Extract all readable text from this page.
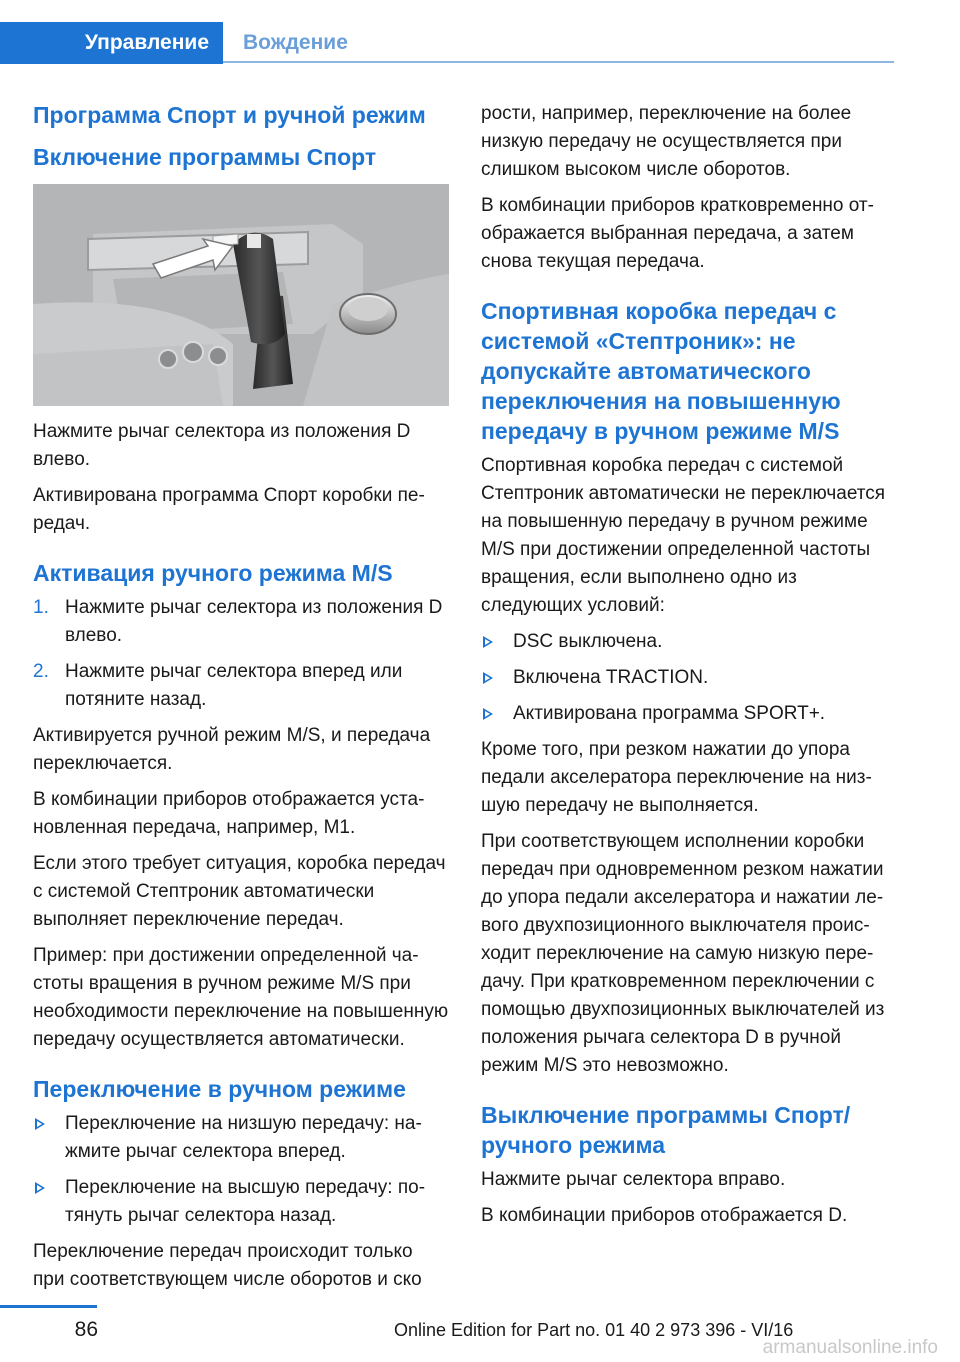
Управление	Вождение
Программа Спорт и ручной режим
Включение программы Спорт

Нажмите рычаг селектора из положения D влево.

Активирована программа Спорт коробки передач.

Активация ручного режима M/S
1. Нажмите рычаг селектора из положения D влево.
2. Нажмите рычаг селектора вперед или потяните назад.

Активируется ручной режим M/S, и передача переключается.

В комбинации приборов отображается установленная передача, например, M1.

Если этого требует ситуация, коробка передач с системой Стептроник автоматически выполняет переключение передач.

Пример: при достижении определенной частоты вращения в ручном режиме M/S при необходимости переключение на повышенную передачу осуществляется автоматически.

Переключение в ручном режиме
Переключение на низшую передачу: нажмите рычаг селектора вперед.
Переключение на высшую передачу: потянуть рычаг селектора назад.

Переключение передач происходит только при соответствующем числе оборотов и ско

рости, например, переключение на более низкую передачу не осуществляется при слишком высоком числе оборотов.

В комбинации приборов кратковременно отображается выбранная передача, а затем снова текущая передача.

Спортивная коробка передач с системой «Стептроник»: не допускайте автоматического переключения на повышенную передачу в ручном режиме M/S

Спортивная коробка передач с системой Стептроник автоматически не переключается на повышенную передачу в ручном режиме M/S при достижении определенной частоты вращения, если выполнено одно из следующих условий:

DSC выключена.
Включена TRACTION.
Активирована программа SPORT+.

Кроме того, при резком нажатии до упора педали акселератора переключение на низшую передачу не выполняется.

При соответствующем исполнении коробки передач при одновременном резком нажатии до упора педали акселератора и нажатии левого двухпозиционного выключателя происходит переключение на самую низкую передачу. При кратковременном переключении с помощью двухпозиционных выключателей из положения рычага селектора D в ручной режим M/S это невозможно.

Выключение программы Спорт/ручного режима

Нажмите рычаг селектора вправо.

В комбинации приборов отображается D.

86	Online Edition for Part no. 01 40 2 973 396 - VI/16
armanualsonline.info
